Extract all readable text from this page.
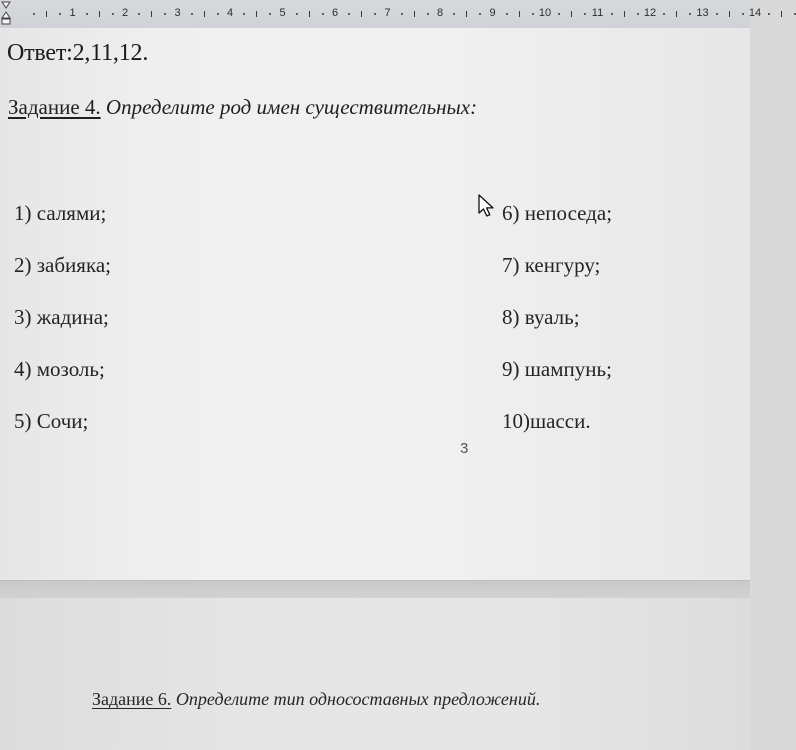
1	2	3	4	5	6	7	8	9	10	11	12	13	14
Ответ:2,11,12.
Задание 4. Определите род имен существительных:
1) салями;
2) забияка;
3) жадина;
4) мозоль;
5) Сочи;
6) непоседа;
7) кенгуру;
8) вуаль;
9) шампунь;
10)шасси.
3
Задание 6. Определите тип односоставных предложений.
